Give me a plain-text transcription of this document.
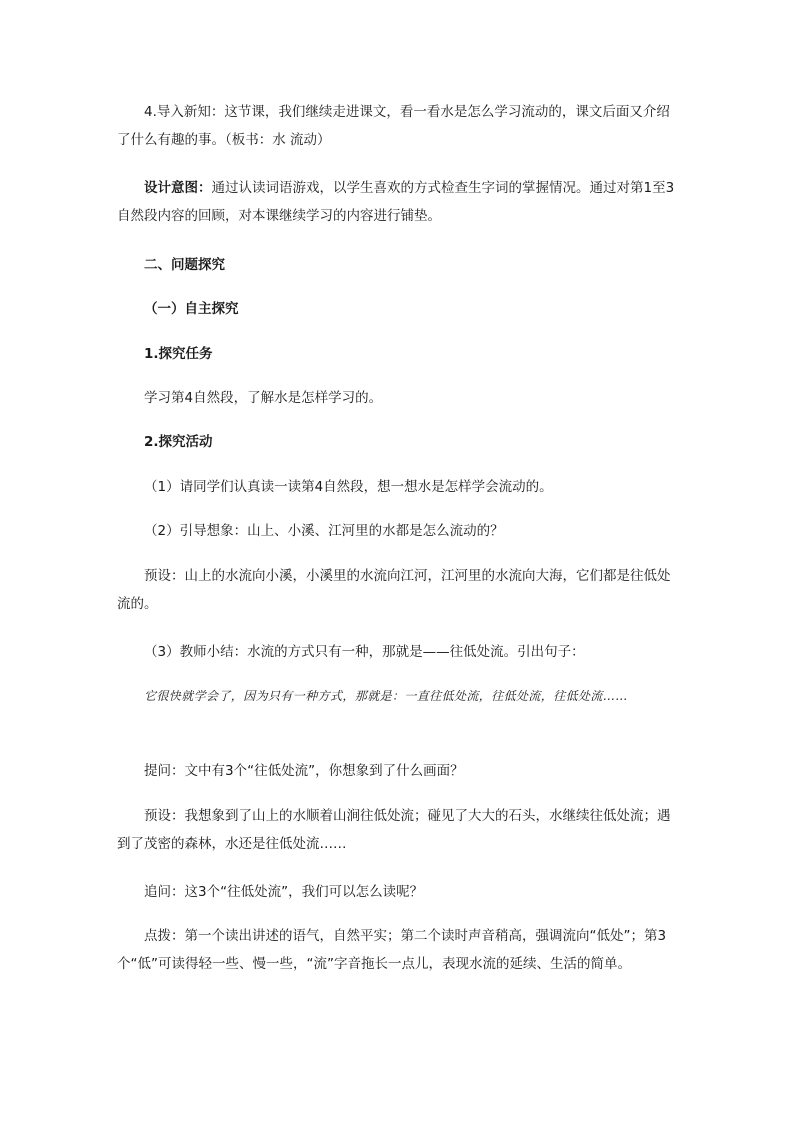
4.导入新知：这节课，我们继续走进课文，看一看水是怎么学习流动的，课文后面又介绍了什么有趣的事。（板书：水 流动）

设计意图：通过认读词语游戏，以学生喜欢的方式检查生字词的掌握情况。通过对第1至3自然段内容的回顾，对本课继续学习的内容进行铺垫。

二、问题探究

（一）自主探究

1.探究任务

学习第4自然段，了解水是怎样学习的。

2.探究活动

（1）请同学们认真读一读第4自然段，想一想水是怎样学会流动的。

（2）引导想象：山上、小溪、江河里的水都是怎么流动的？

预设：山上的水流向小溪，小溪里的水流向江河，江河里的水流向大海，它们都是往低处流的。

（3）教师小结：水流的方式只有一种，那就是——往低处流。引出句子：

它很快就学会了，因为只有一种方式，那就是：一直往低处流，往低处流，往低处流……

提问：文中有3个“往低处流”，你想象到了什么画面？

预设：我想象到了山上的水顺着山涧往低处流；碰见了大大的石头，水继续往低处流；遇到了茂密的森林，水还是往低处流……

追问：这3个“往低处流”，我们可以怎么读呢？

点拨：第一个读出讲述的语气，自然平实；第二个读时声音稍高，强调流向“低处”；第3个“低”可读得轻一些、慢一些，“流”字音拖长一点儿，表现水流的延续、生活的简单。
